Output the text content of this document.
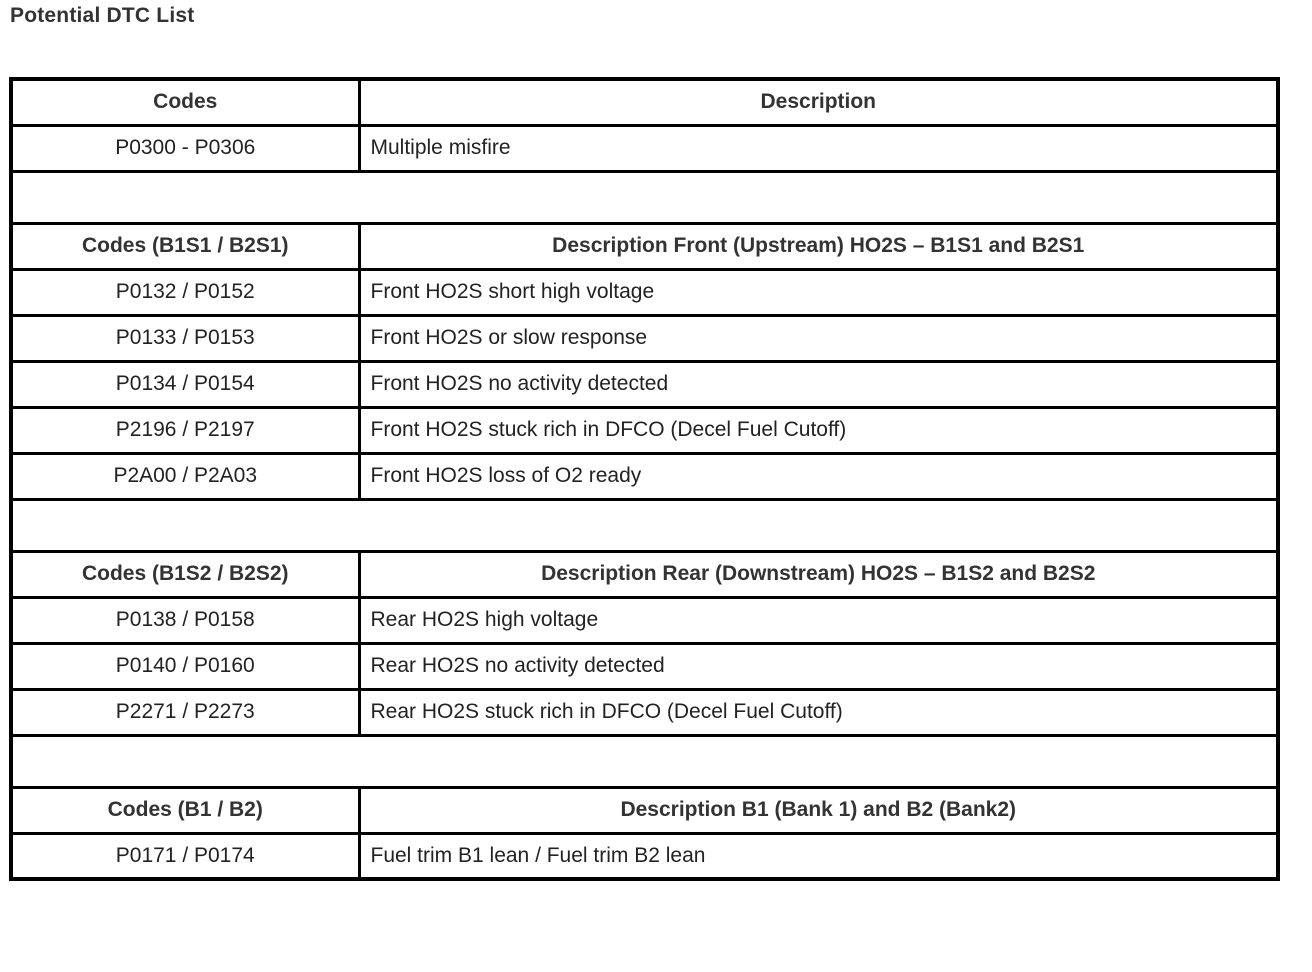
Potential DTC List
Codes	Description
P0300 - P0306	Multiple misfire

Codes (B1S1 / B2S1)	Description Front (Upstream) HO2S – B1S1 and B2S1
P0132 / P0152	Front HO2S short high voltage
P0133 / P0153	Front HO2S or slow response
P0134 / P0154	Front HO2S no activity detected
P2196 / P2197	Front HO2S stuck rich in DFCO (Decel Fuel Cutoff)
P2A00 / P2A03	Front HO2S loss of O2 ready

Codes (B1S2 / B2S2)	Description Rear (Downstream) HO2S – B1S2 and B2S2
P0138 / P0158	Rear HO2S high voltage
P0140 / P0160	Rear HO2S no activity detected
P2271 / P2273	Rear HO2S stuck rich in DFCO (Decel Fuel Cutoff)

Codes (B1 / B2)	Description B1 (Bank 1) and B2 (Bank2)
P0171 / P0174	Fuel trim B1 lean / Fuel trim B2 lean
